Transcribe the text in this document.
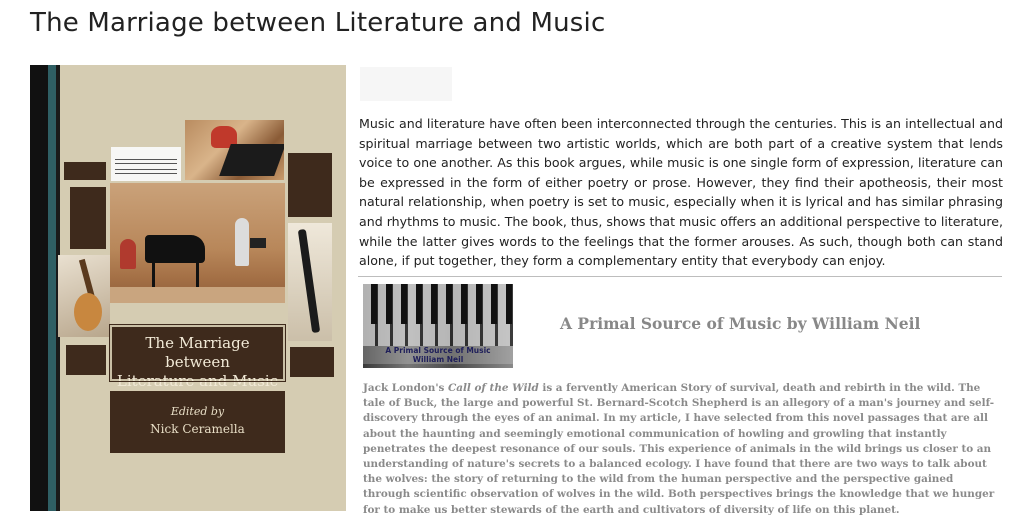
The Marriage between Literature and Music
The Marriage between
Literature and Music
Edited by
Nick Ceramella

Music and literature have often been interconnected through the centuries. This is an intellectual and spiritual marriage between two artistic worlds, which are both part of a creative system that lends voice to one another. As this book argues, while music is one single form of expression, literature can be expressed in the form of either poetry or prose. However, they find their apotheosis, their most natural relationship, when poetry is set to music, especially when it is lyrical and has similar phrasing and rhythms to music. The book, thus, shows that music offers an additional perspective to literature, while the latter gives words to the feelings that the former arouses. As such, though both can stand alone, if put together, they form a complementary entity that everybody can enjoy.

A Primal Source of Music
William Neil
A Primal Source of Music by William Neil

Jack London's Call of the Wild is a fervently American Story of survival, death and rebirth in the wild. The tale of Buck, the large and powerful St. Bernard-Scotch Shepherd is an allegory of a man's journey and self-discovery through the eyes of an animal. In my article, I have selected from this novel passages that are all about the haunting and seemingly emotional communication of howling and growling that instantly penetrates the deepest resonance of our souls. This experience of animals in the wild brings us closer to an understanding of nature's secrets to a balanced ecology. I have found that there are two ways to talk about the wolves: the story of returning to the wild from the human perspective and the perspective gained through scientific observation of wolves in the wild. Both perspectives brings the knowledge that we hunger for to make us better stewards of the earth and cultivators of diversity of life on this planet.
